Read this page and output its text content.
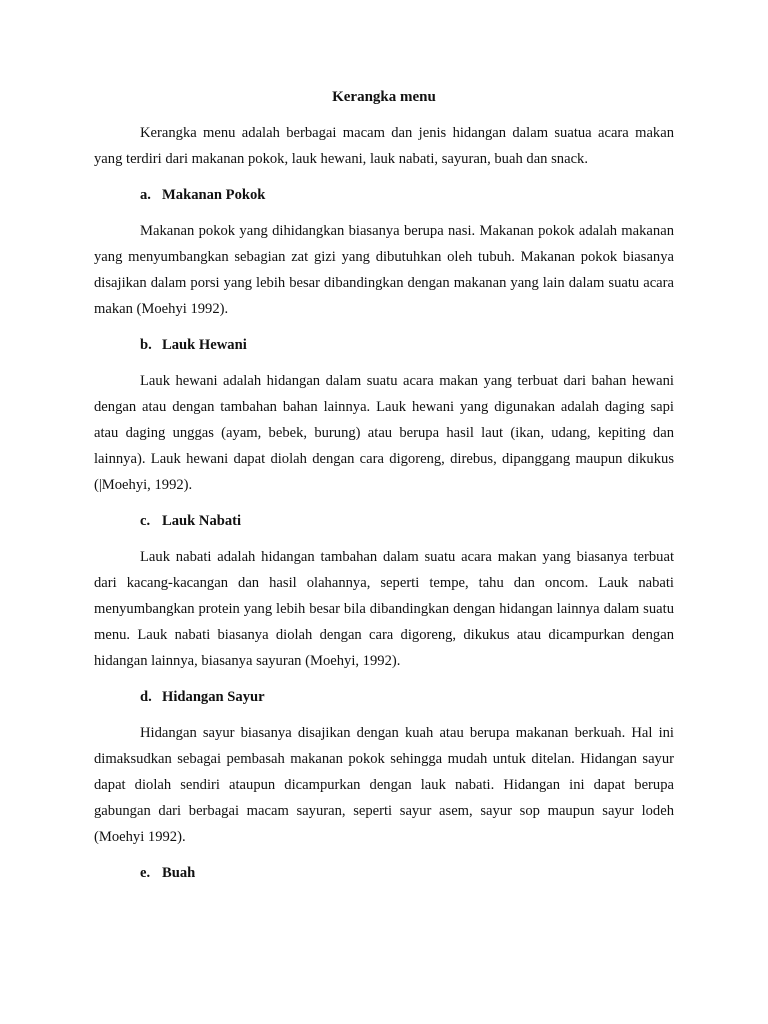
Kerangka menu

Kerangka menu adalah berbagai macam dan jenis hidangan dalam suatua acara makan yang terdiri dari makanan pokok, lauk hewani, lauk nabati, sayuran, buah dan snack.

a. Makanan Pokok

Makanan pokok yang dihidangkan biasanya berupa nasi. Makanan pokok adalah makanan yang menyumbangkan sebagian zat gizi yang dibutuhkan oleh tubuh. Makanan pokok biasanya disajikan dalam porsi yang lebih besar dibandingkan dengan makanan yang lain dalam suatu acara makan (Moehyi 1992).

b. Lauk Hewani

Lauk hewani adalah hidangan dalam suatu acara makan yang terbuat dari bahan hewani dengan atau dengan tambahan bahan lainnya. Lauk hewani yang digunakan adalah daging sapi atau daging unggas (ayam, bebek, burung) atau berupa hasil laut (ikan, udang, kepiting dan lainnya). Lauk hewani dapat diolah dengan cara digoreng, direbus, dipanggang maupun dikukus (|Moehyi, 1992).

c. Lauk Nabati

Lauk nabati adalah hidangan tambahan dalam suatu acara makan yang biasanya terbuat dari kacang-kacangan dan hasil olahannya, seperti tempe, tahu dan oncom. Lauk nabati menyumbangkan protein yang lebih besar bila dibandingkan dengan hidangan lainnya dalam suatu menu. Lauk nabati biasanya diolah dengan cara digoreng, dikukus atau dicampurkan dengan hidangan lainnya, biasanya sayuran (Moehyi, 1992).

d. Hidangan Sayur

Hidangan sayur biasanya disajikan dengan kuah atau berupa makanan berkuah. Hal ini dimaksudkan sebagai pembasah makanan pokok sehingga mudah untuk ditelan. Hidangan sayur dapat diolah sendiri ataupun dicampurkan dengan lauk nabati. Hidangan ini dapat berupa gabungan dari berbagai macam sayuran, seperti sayur asem, sayur sop maupun sayur lodeh (Moehyi 1992).

e. Buah
